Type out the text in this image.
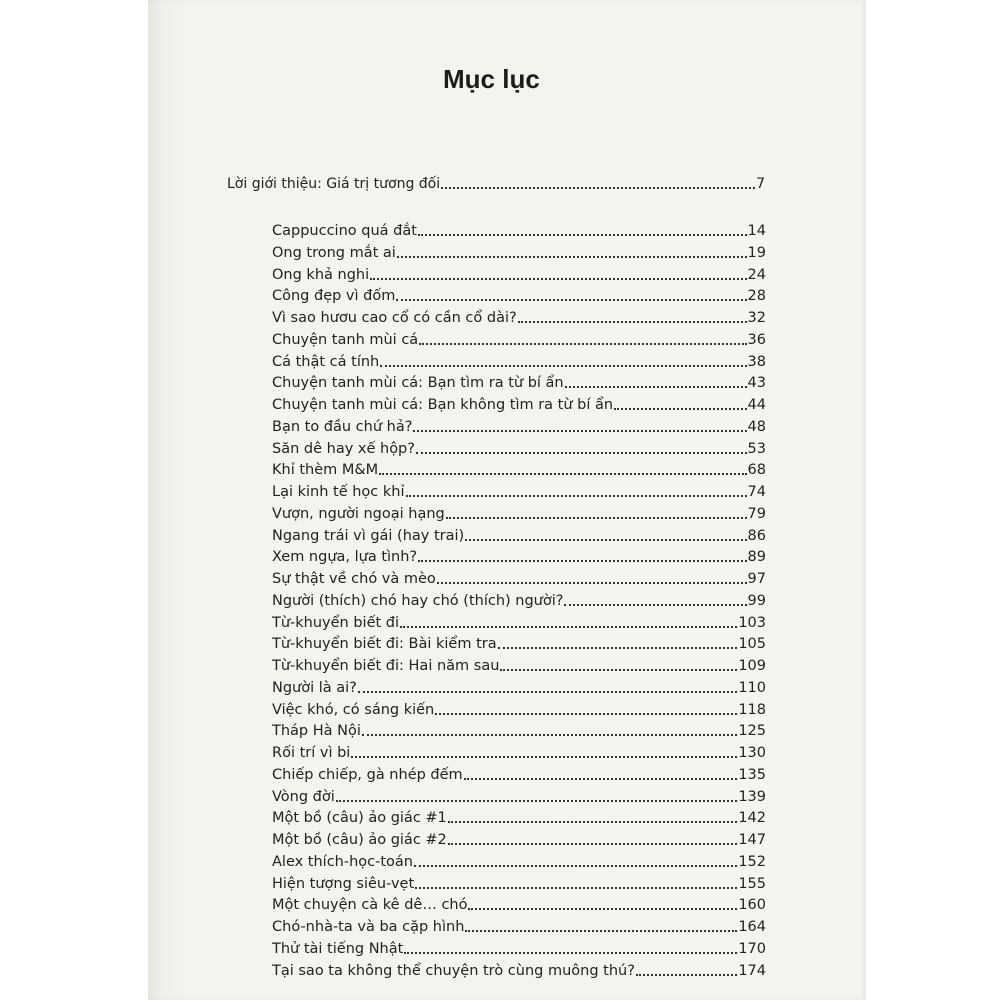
Mục lục
Lời giới thiệu: Giá trị tương đối	7
Cappuccino quá đắt	14
Ong trong mắt ai	19
Ong khả nghi	24
Công đẹp vì đốm	28
Vì sao hươu cao cổ có cần cổ dài?	32
Chuyện tanh mùi cá	36
Cá thật cá tính	38
Chuyện tanh mùi cá: Bạn tìm ra từ bí ẩn	43
Chuyện tanh mùi cá: Bạn không tìm ra từ bí ẩn	44
Bạn to đầu chứ hả?	48
Săn dê hay xế hộp?	53
Khỉ thèm M&M	68
Lại kinh tế học khỉ	74
Vượn, người ngoại hạng	79
Ngang trái vì gái (hay trai)	86
Xem ngựa, lựa tình?	89
Sự thật về chó và mèo	97
Người (thích) chó hay chó (thích) người?	99
Từ-khuyển biết đi	103
Từ-khuyển biết đi: Bài kiểm tra	105
Từ-khuyển biết đi: Hai năm sau	109
Người là ai?	110
Việc khó, có sáng kiến	118
Tháp Hà Nội	125
Rối trí vì bi	130
Chiếp chiếp, gà nhép đếm	135
Vòng đời	139
Một bồ (câu) ảo giác #1	142
Một bồ (câu) ảo giác #2	147
Alex thích-học-toán	152
Hiện tượng siêu-vẹt	155
Một chuyện cà kê dê… chó	160
Chó-nhà-ta và ba cặp hình	164
Thử tài tiếng Nhật	170
Tại sao ta không thể chuyện trò cùng muông thú?	174
